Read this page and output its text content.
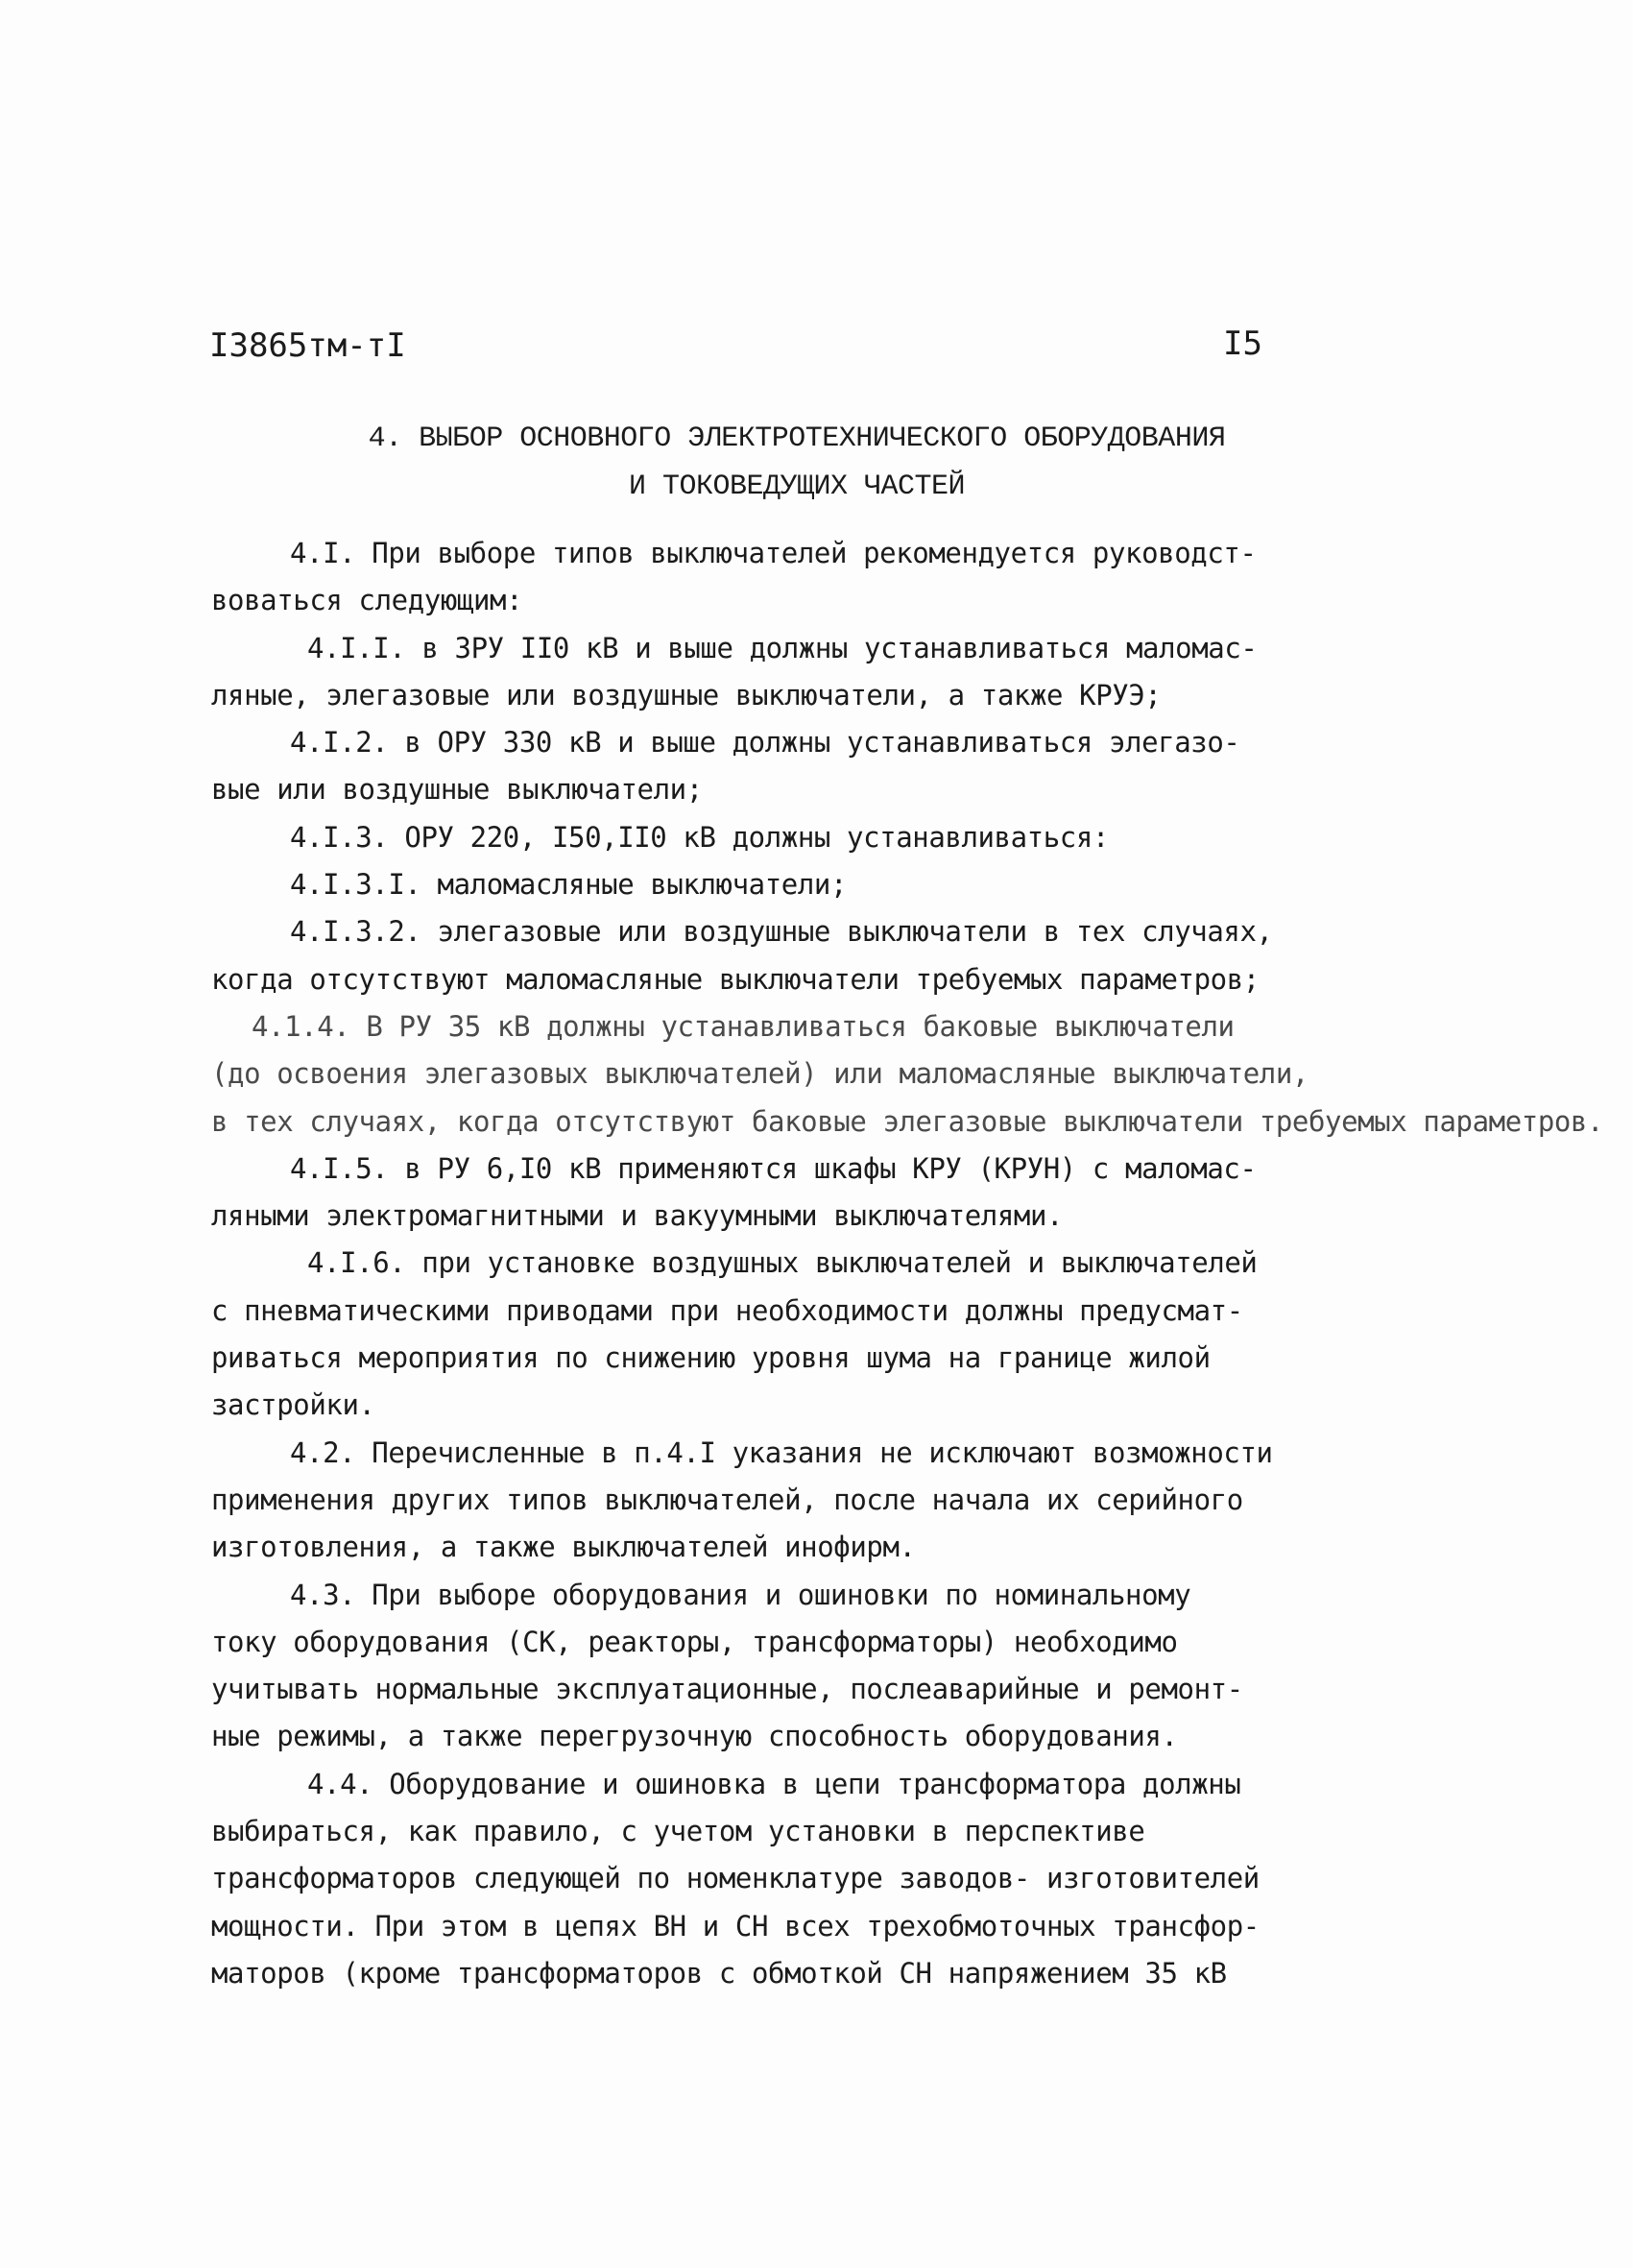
I3865тм-тI	I5
4. ВЫБОР ОСНОВНОГО ЭЛЕКТРОТЕХНИЧЕСКОГО ОБОРУДОВАНИЯ
И ТОКОВЕДУЩИХ ЧАСТЕЙ
4.I. При выборе типов выключателей рекомендуется руководст-
воваться следующим:
4.I.I. в ЗРУ II0 кВ и выше должны устанавливаться маломас-
ляные, элегазовые или воздушные выключатели, а также КРУЭ;
4.I.2. в ОРУ 330 кВ и выше должны устанавливаться элегазо-
вые или воздушные выключатели;
4.I.3. ОРУ 220, I50,II0 кВ должны устанавливаться:
4.I.3.I. маломасляные выключатели;
4.I.3.2. элегазовые или воздушные выключатели в тех случаях,
когда отсутствуют маломасляные выключатели требуемых параметров;
4.1.4. В РУ 35 кВ должны устанавливаться баковые выключатели
(до освоения элегазовых выключателей) или маломасляные выключатели,
в тех случаях, когда отсутствуют баковые элегазовые выключатели требуемых параметров.
4.I.5. в РУ 6,I0 кВ применяются шкафы КРУ (КРУН) с маломас-
ляными электромагнитными и вакуумными выключателями.
4.I.6. при установке воздушных выключателей и выключателей
с пневматическими приводами при необходимости должны предусмат-
риваться мероприятия по снижению уровня шума на границе жилой
застройки.
4.2. Перечисленные в п.4.I указания не исключают возможности
применения других типов выключателей, после начала их серийного
изготовления, а также выключателей инофирм.
4.3. При выборе оборудования и ошиновки по номинальному
току оборудования (СК, реакторы, трансформаторы) необходимо
учитывать нормальные эксплуатационные, послеаварийные и ремонт-
ные режимы, а также перегрузочную способность оборудования.
4.4. Оборудование и ошиновка в цепи трансформатора должны
выбираться, как правило, с учетом установки в перспективе
трансформаторов следующей по номенклатуре заводов- изготовителей
мощности. При этом в цепях ВН и СН всех трехобмоточных трансфор-
маторов (кроме трансформаторов с обмоткой СН напряжением 35 кВ
